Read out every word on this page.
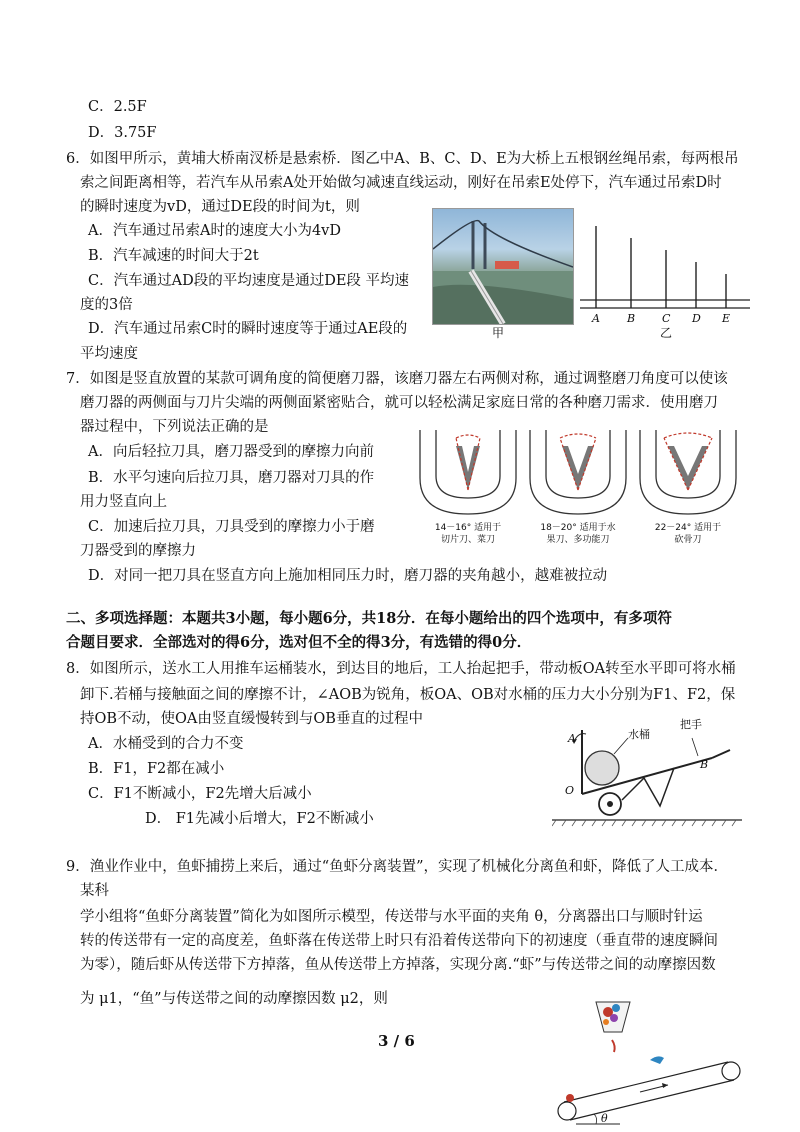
C．2.5F
D．3.75F
6．如图甲所示，黄埔大桥南汊桥是悬索桥．图乙中A、B、C、D、E为大桥上五根钢丝绳吊索，每两根吊
索之间距离相等，若汽车从吊索A处开始做匀减速直线运动，刚好在吊索E处停下，汽车通过吊索D时
的瞬时速度为vD，通过DE段的时间为t，则
A．汽车通过吊索A时的速度大小为4vD
B．汽车减速的时间大于2t
C．汽车通过AD段的平均速度是通过DE段 平均速
度的3倍
D．汽车通过吊索C时的瞬时速度等于通过AE段的
平均速度
甲
A B C D E
乙
7．如图是竖直放置的某款可调角度的简便磨刀器，该磨刀器左右两侧对称，通过调整磨刀角度可以使该
磨刀器的两侧面与刀片尖端的两侧面紧密贴合，就可以轻松满足家庭日常的各种磨刀需求．使用磨刀
器过程中，下列说法正确的是
A．向后轻拉刀具，磨刀器受到的摩擦力向前
B．水平匀速向后拉刀具，磨刀器对刀具的作
用力竖直向上
C．加速后拉刀具，刀具受到的摩擦力小于磨
刀器受到的摩擦力
D．对同一把刀具在竖直方向上施加相同压力时，磨刀器的夹角越小，越难被拉动
14－16° 适用于
切片刀、菜刀
18－20° 适用于水
果刀、多功能刀
22－24° 适用于
砍骨刀
二、多项选择题：本题共3小题，每小题6分，共18分．在每小题给出的四个选项中，有多项符
合题目要求．全部选对的得6分，选对但不全的得3分，有选错的得0分．
8．如图所示，送水工人用推车运桶装水，到达目的地后，工人抬起把手，带动板OA转至水平即可将水桶
卸下.若桶与接触面之间的摩擦不计，∠AOB为锐角，板OA、OB对水桶的压力大小分别为F1、F2，保
持OB不动，使OA由竖直缓慢转到与OB垂直的过程中
A．水桶受到的合力不变
B．F1，F2都在减小
C．F1不断减小，F2先增大后减小
D． F1先减小后增大，F2不断减小
A	水桶
把手
B
O
9．渔业作业中，鱼虾捕捞上来后，通过“鱼虾分离装置”，实现了机械化分离鱼和虾，降低了人工成本．
某科
学小组将“鱼虾分离装置”简化为如图所示模型，传送带与水平面的夹角 θ，分离器出口与顺时针运
转的传送带有一定的高度差，鱼虾落在传送带上时只有沿着传送带向下的初速度（垂直带的速度瞬间
为零），随后虾从传送带下方掉落，鱼从传送带上方掉落，实现分离.“虾”与传送带之间的动摩擦因数
为 μ1，“鱼”与传送带之间的动摩擦因数 μ2，则
3 / 6
θ
